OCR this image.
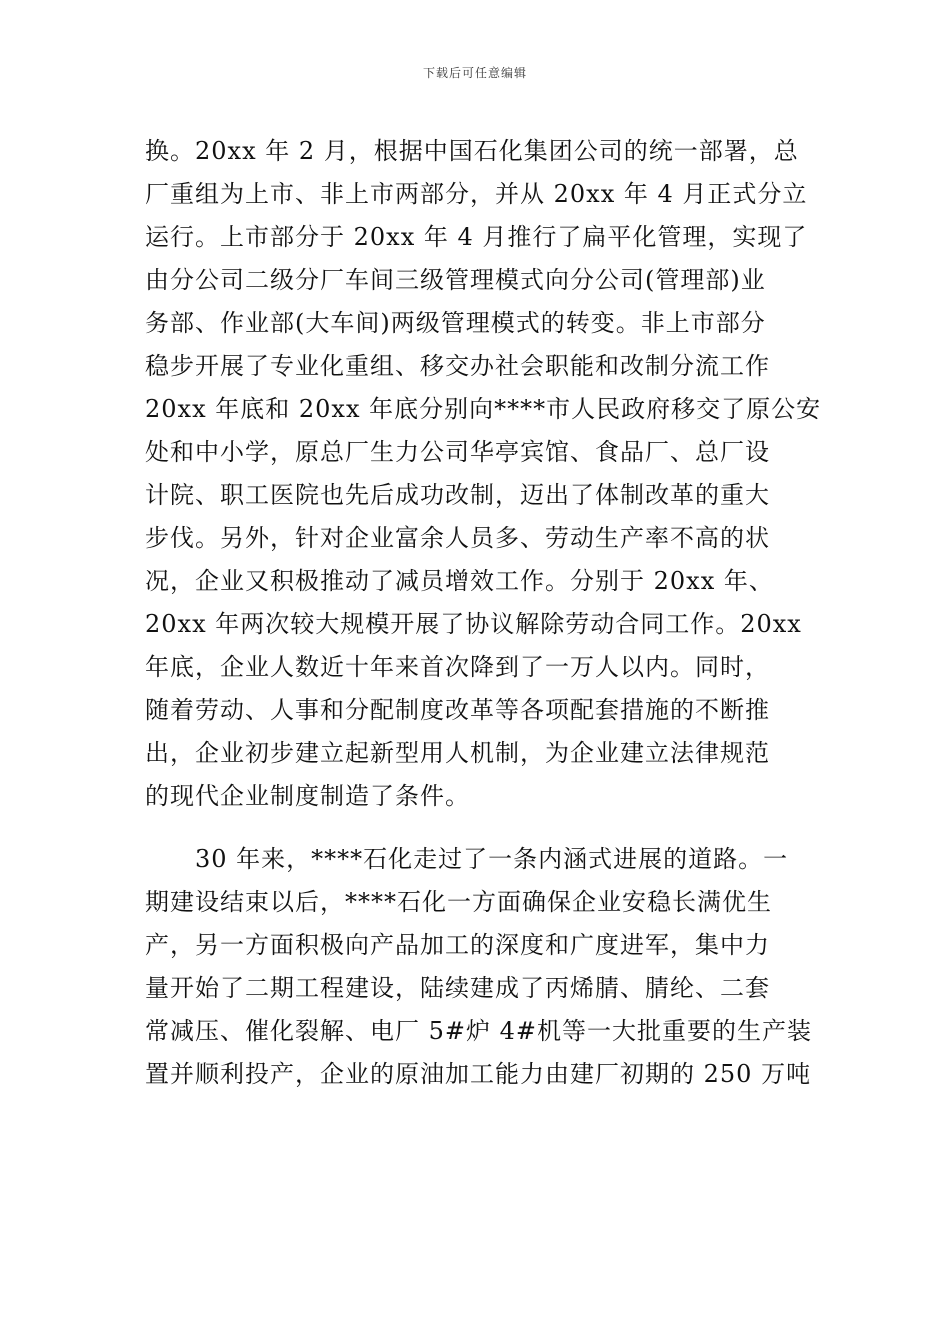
下载后可任意编辑
换。20xx 年 2 月，根据中国石化集团公司的统一部署，总
厂重组为上市、非上市两部分，并从 20xx 年 4 月正式分立
运行。上市部分于 20xx 年 4 月推行了扁平化管理，实现了
由分公司二级分厂车间三级管理模式向分公司(管理部)业
务部、作业部(大车间)两级管理模式的转变。非上市部分
稳步开展了专业化重组、移交办社会职能和改制分流工作
20xx 年底和 20xx 年底分别向****市人民政府移交了原公安
处和中小学，原总厂生力公司华亭宾馆、食品厂、总厂设
计院、职工医院也先后成功改制，迈出了体制改革的重大
步伐。另外，针对企业富余人员多、劳动生产率不高的状
况，企业又积极推动了减员增效工作。分别于 20xx 年、
20xx 年两次较大规模开展了协议解除劳动合同工作。20xx
年底，企业人数近十年来首次降到了一万人以内。同时，
随着劳动、人事和分配制度改革等各项配套措施的不断推
出，企业初步建立起新型用人机制，为企业建立法律规范
的现代企业制度制造了条件。
　　30 年来，****石化走过了一条内涵式进展的道路。一
期建设结束以后，****石化一方面确保企业安稳长满优生
产，另一方面积极向产品加工的深度和广度进军，集中力
量开始了二期工程建设，陆续建成了丙烯腈、腈纶、二套
常减压、催化裂解、电厂 5#炉 4#机等一大批重要的生产装
置并顺利投产，企业的原油加工能力由建厂初期的 250 万吨
